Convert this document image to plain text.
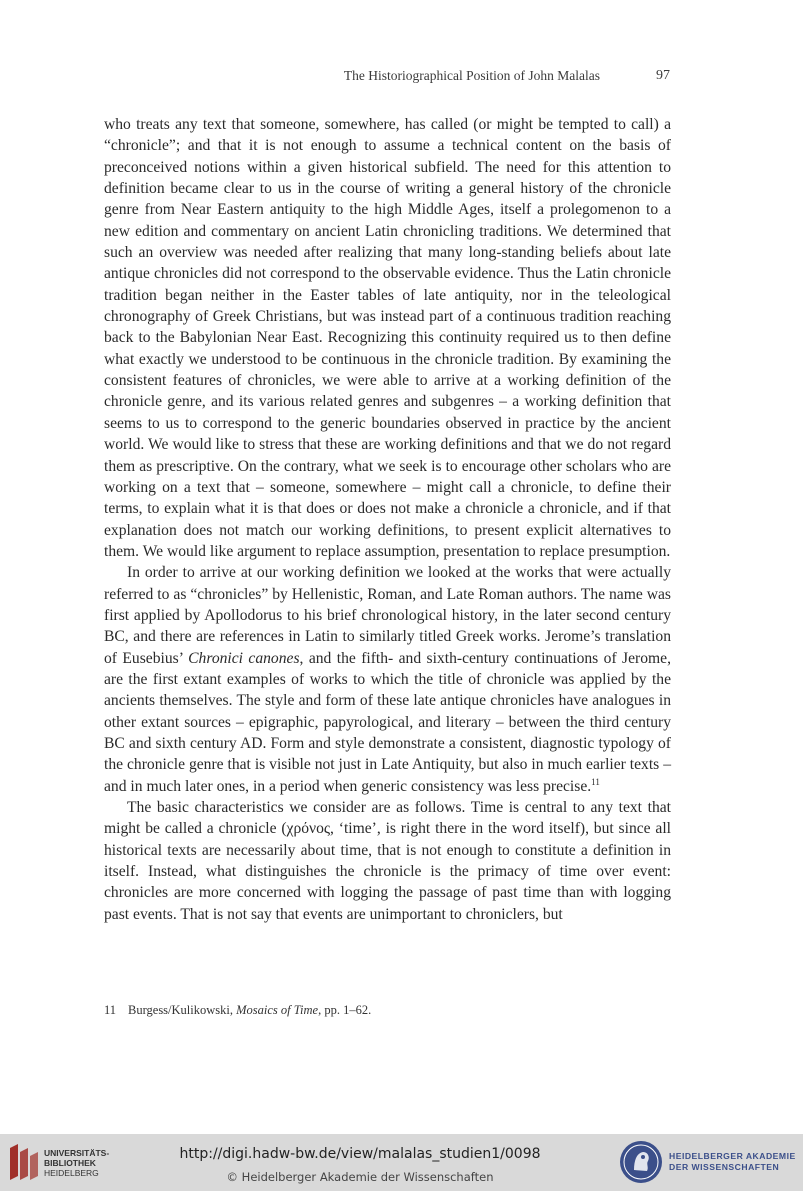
The Historiographical Position of John Malalas	97

who treats any text that someone, somewhere, has called (or might be tempted to call) a “chronicle”; and that it is not enough to assume a technical content on the basis of preconceived notions within a given historical subfield. The need for this attention to definition became clear to us in the course of writing a general history of the chronicle genre from Near Eastern antiquity to the high Middle Ages, itself a prolegomenon to a new edition and commentary on ancient Latin chronicling traditions. We determined that such an overview was needed after realizing that many long-standing beliefs about late antique chronicles did not correspond to the observable evidence. Thus the Latin chronicle tradition began neither in the Easter tables of late antiquity, nor in the teleological chronography of Greek Christians, but was instead part of a continuous tradition reaching back to the Babylonian Near East. Recognizing this continuity required us to then define what exactly we understood to be continuous in the chronicle tradition. By examining the consistent features of chronicles, we were able to arrive at a working definition of the chronicle genre, and its various related genres and subgenres – a working definition that seems to us to correspond to the generic boundaries observed in practice by the ancient world. We would like to stress that these are working definitions and that we do not regard them as prescriptive. On the contrary, what we seek is to encourage other scholars who are working on a text that – someone, somewhere – might call a chronicle, to define their terms, to explain what it is that does or does not make a chronicle a chronicle, and if that explanation does not match our working definitions, to present explicit alternatives to them. We would like argument to replace assumption, presentation to replace presumption.

In order to arrive at our working definition we looked at the works that were actually referred to as “chronicles” by Hellenistic, Roman, and Late Roman authors. The name was first applied by Apollodorus to his brief chronological history, in the later second century BC, and there are references in Latin to similarly titled Greek works. Jerome’s translation of Eusebius’ Chronici canones, and the fifth- and sixth-century continuations of Jerome, are the first extant examples of works to which the title of chronicle was applied by the ancients themselves. The style and form of these late antique chronicles have analogues in other extant sources – epigraphic, papyrological, and literary – between the third century BC and sixth century AD. Form and style demonstrate a consistent, diagnostic typology of the chronicle genre that is visible not just in Late Antiquity, but also in much earlier texts – and in much later ones, in a period when generic consistency was less precise.$^{11}$

The basic characteristics we consider are as follows. Time is central to any text that might be called a chronicle (χρόνος, ‘time’, is right there in the word itself), but since all historical texts are necessarily about time, that is not enough to constitute a definition in itself. Instead, what distinguishes the chronicle is the primacy of time over event: chronicles are more concerned with logging the passage of past time than with logging past events. That is not say that events are unimportant to chroniclers, but

11 Burgess/Kulikowski, Mosaics of Time, pp. 1–62.
UNIVERSITÄTS-
BIBLIOTHEK
HEIDELBERG
http://digi.hadw-bw.de/view/malalas_studien1/0098
© Heidelberger Akademie der Wissenschaften
HEIDELBERGER AKADEMIE
DER WISSENSCHAFTEN
